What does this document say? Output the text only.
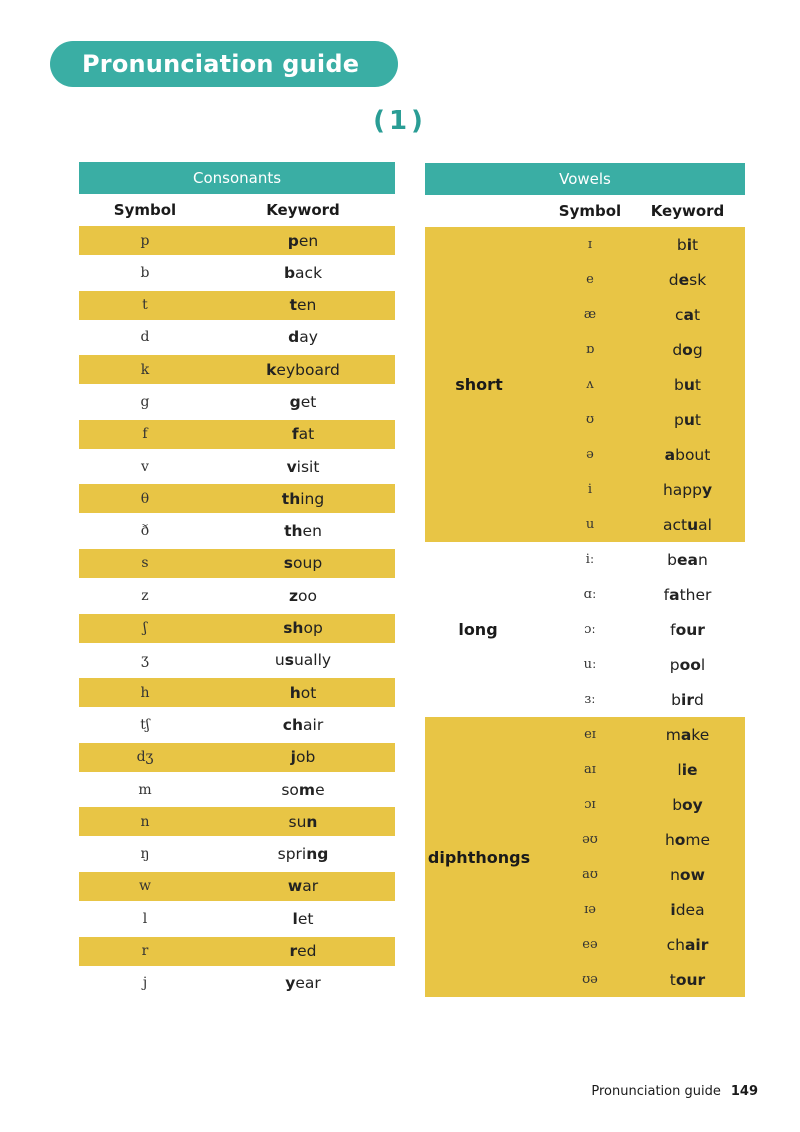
Pronunciation guide
(1)
Consonants
Symbol	Keyword
p	pen
b	back
t	ten
d	day
k	keyboard
g	get
f	fat
v	visit
θ	thing
ð	then
s	soup
z	zoo
ʃ	shop
ʒ	usually
h	hot
tʃ	chair
dʒ	job
m	some
n	sun
ŋ	spring
w	war
l	let
r	red
j	year
Vowels
Symbol	Keyword
short
ɪ	bit
e	desk
æ	cat
ɒ	dog
ʌ	but
ʊ	put
ə	about
i	happy
u	actual
long
iː	bean
ɑː	father
ɔː	four
uː	pool
ɜː	bird
diphthongs
eɪ	make
aɪ	lie
ɔɪ	boy
əʊ	home
aʊ	now
ɪə	idea
eə	chair
ʊə	tour
Pronunciation guide 149
